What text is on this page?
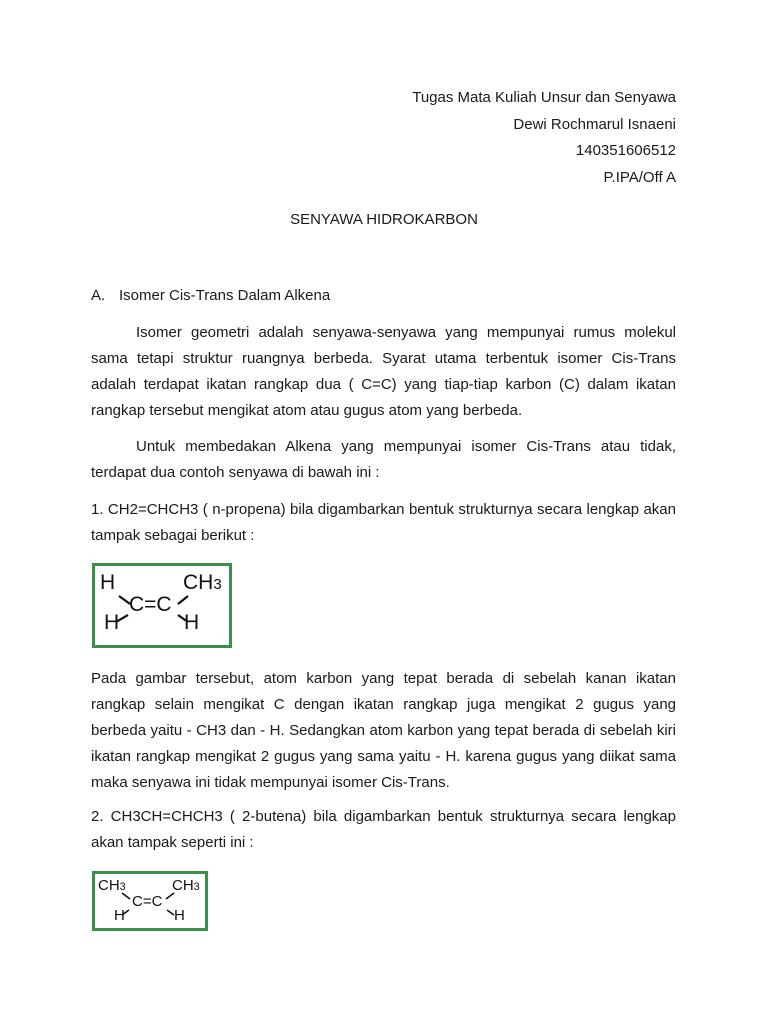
Tugas Mata Kuliah Unsur dan Senyawa
Dewi Rochmarul Isnaeni
140351606512
P.IPA/Off A
SENYAWA HIDROKARBON
A. Isomer Cis-Trans Dalam Alkena
Isomer geometri adalah senyawa-senyawa yang mempunyai rumus molekul sama tetapi struktur ruangnya berbeda. Syarat utama terbentuk isomer Cis-Trans adalah terdapat ikatan rangkap dua ( C=C) yang tiap-tiap karbon (C) dalam ikatan rangkap tersebut mengikat atom atau gugus atom yang berbeda.
Untuk membedakan Alkena yang mempunyai isomer Cis-Trans atau tidak, terdapat dua contoh senyawa di bawah ini :
1. CH2=CHCH3 ( n-propena) bila digambarkan bentuk strukturnya secara lengkap akan tampak sebagai berikut :
H	CH3
C=C
H	H
Pada gambar tersebut, atom karbon yang tepat berada di sebelah kanan ikatan rangkap selain mengikat C dengan ikatan rangkap juga mengikat 2 gugus yang berbeda yaitu - CH3 dan - H. Sedangkan atom karbon yang tepat berada di sebelah kiri ikatan rangkap mengikat 2 gugus yang sama yaitu - H. karena gugus yang diikat sama maka senyawa ini tidak mempunyai isomer Cis-Trans.
2. CH3CH=CHCH3 ( 2-butena) bila digambarkan bentuk strukturnya secara lengkap akan tampak seperti ini :
CH3	CH3
C=C
H	H
